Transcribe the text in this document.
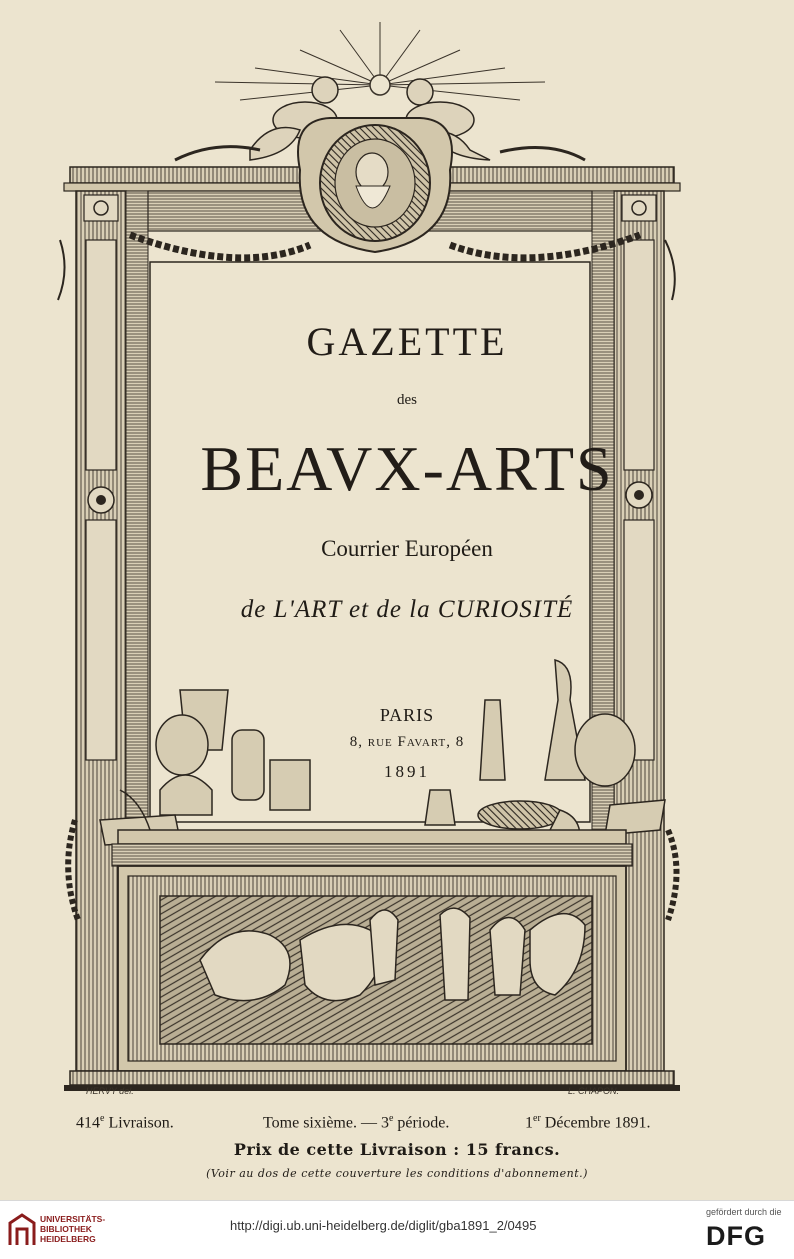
GAZETTE
des
BEAVX-ARTS
Courrier Européen
de L'ART et de la CURIOSITÉ
PARIS
8, rue Favart, 8
1891
HERVY del.	L. CHAPON.
414e Livraison.	Tome sixième. — 3e période.	1er Décembre 1891.
Prix de cette Livraison : 15 francs.
(Voir au dos de cette couverture les conditions d'abonnement.)
UNIVERSITÄTS-
BIBLIOTHEK
HEIDELBERG
http://digi.ub.uni-heidelberg.de/diglit/gba1891_2/0495
gefördert durch die
DFG
